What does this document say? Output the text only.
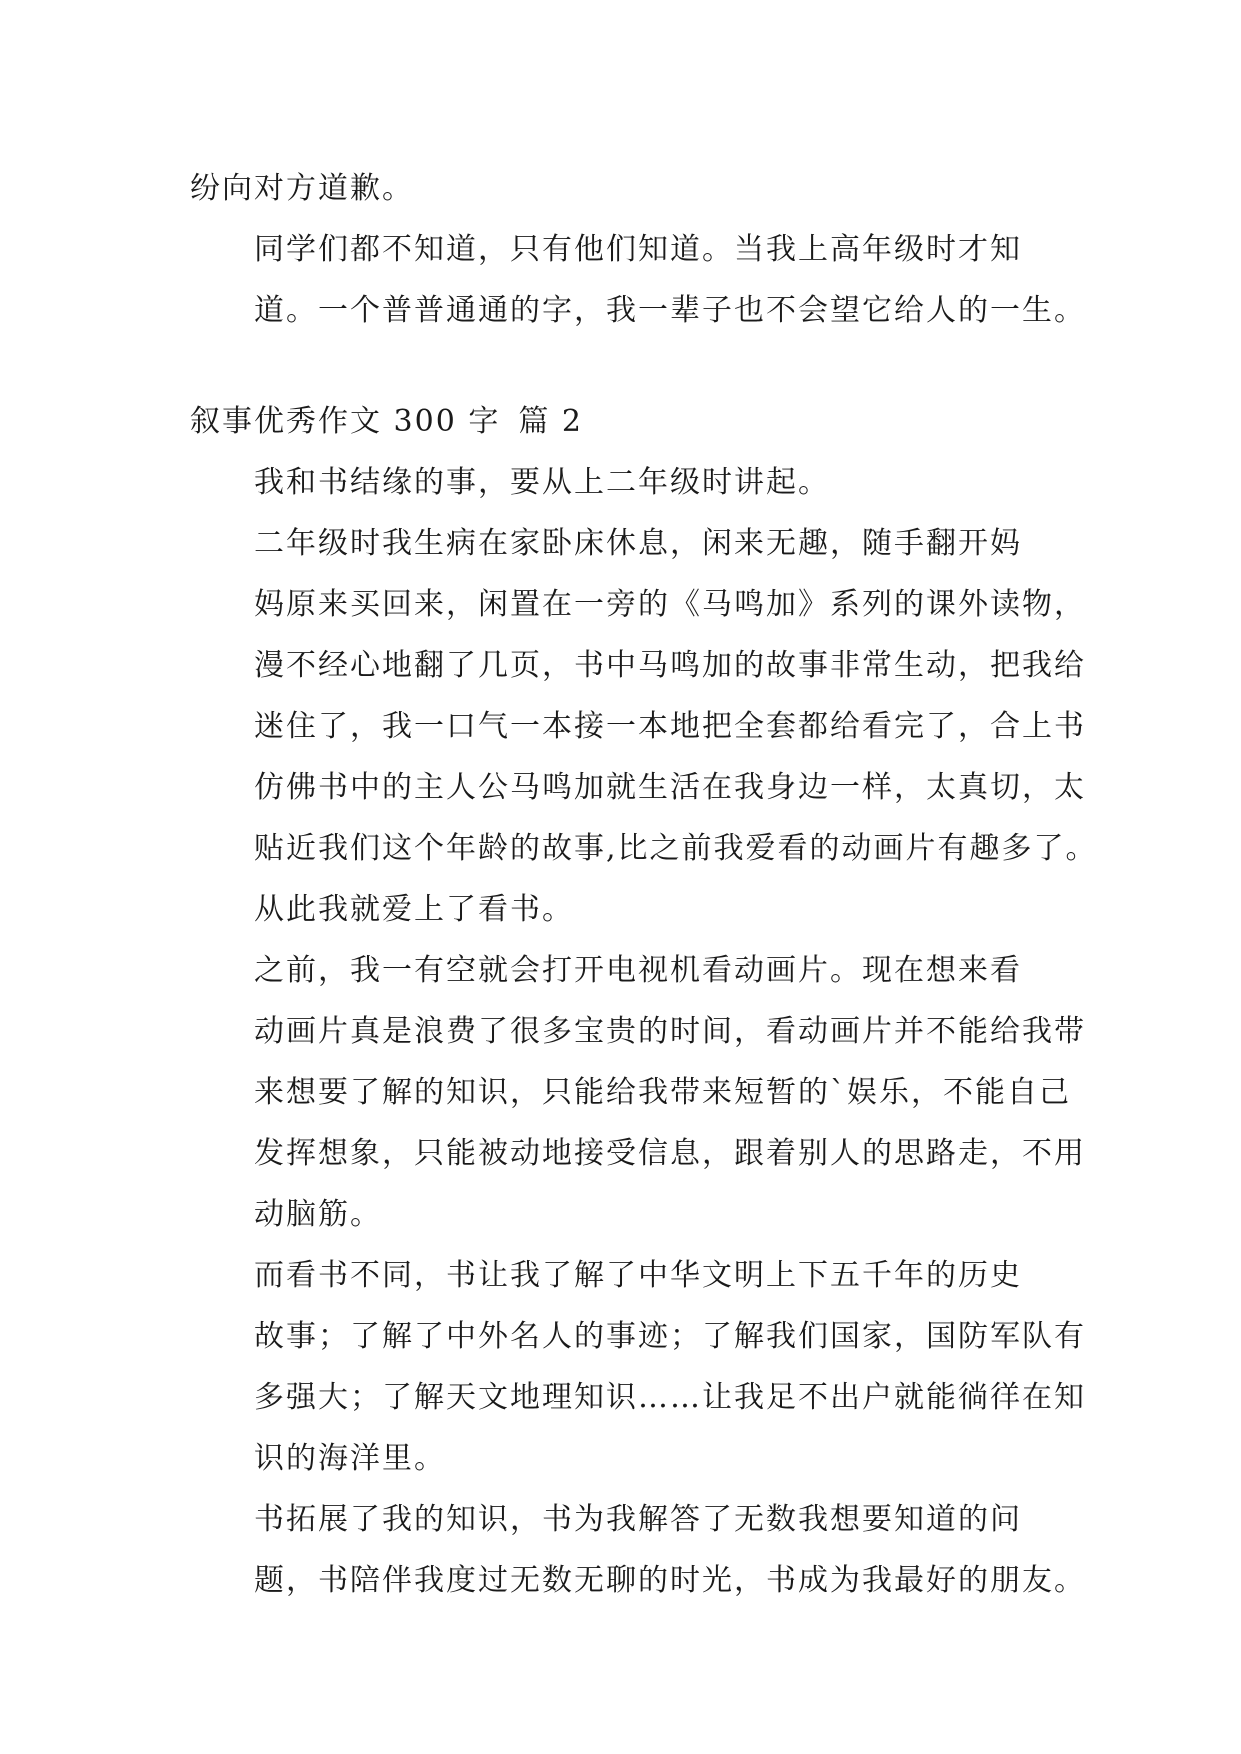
纷向对方道歉。

同学们都不知道，只有他们知道。当我上高年级时才知
道。一个普普通通的字，我一辈子也不会望它给人的一生。

叙事优秀作文 300 字 篇 2

我和书结缘的事，要从上二年级时讲起。

二年级时我生病在家卧床休息，闲来无趣，随手翻开妈
妈原来买回来，闲置在一旁的《马鸣加》系列的课外读物，
漫不经心地翻了几页，书中马鸣加的故事非常生动，把我给
迷住了，我一口气一本接一本地把全套都给看完了，合上书
仿佛书中的主人公马鸣加就生活在我身边一样，太真切，太
贴近我们这个年龄的故事,比之前我爱看的动画片有趣多了。
从此我就爱上了看书。

之前，我一有空就会打开电视机看动画片。现在想来看
动画片真是浪费了很多宝贵的时间，看动画片并不能给我带
来想要了解的知识，只能给我带来短暂的`娱乐，不能自己
发挥想象，只能被动地接受信息，跟着别人的思路走，不用
动脑筋。

而看书不同，书让我了解了中华文明上下五千年的历史
故事；了解了中外名人的事迹；了解我们国家，国防军队有
多强大；了解天文地理知识……让我足不出户就能徜徉在知
识的海洋里。

书拓展了我的知识，书为我解答了无数我想要知道的问
题，书陪伴我度过无数无聊的时光，书成为我最好的朋友。
